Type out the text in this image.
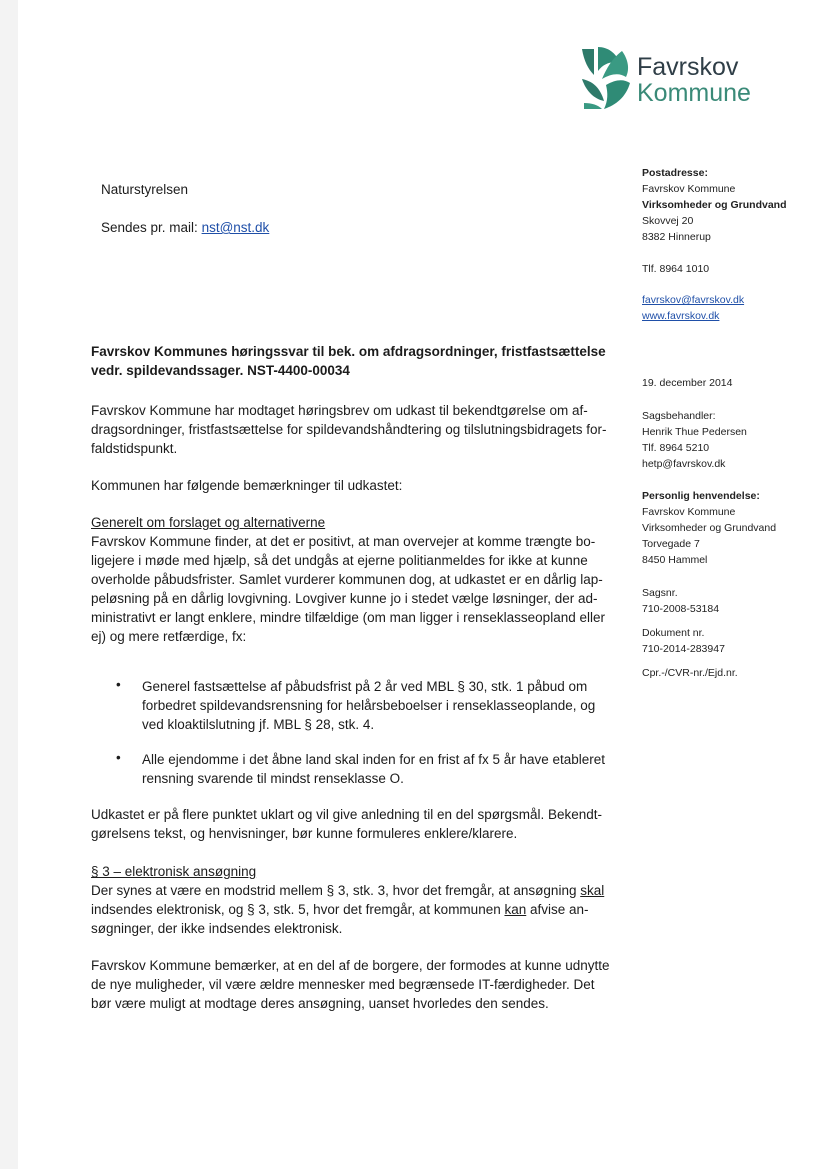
Favrskov
Kommune
Postadresse:
Favrskov Kommune
Virksomheder og Grundvand
Skovvej 20
8382 Hinnerup
Tlf. 8964 1010
favrskov@favrskov.dk
www.favrskov.dk
19. december 2014
Sagsbehandler:
Henrik Thue Pedersen
Tlf. 8964 5210
hetp@favrskov.dk
Personlig henvendelse:
Favrskov Kommune
Virksomheder og Grundvand
Torvegade 7
8450 Hammel
Sagsnr.
710-2008-53184
Dokument nr.
710-2014-283947
Cpr.-/CVR-nr./Ejd.nr.
Naturstyrelsen
Sendes pr. mail: nst@nst.dk
Favrskov Kommunes høringssvar til bek. om afdragsordninger, fristfastsættelse
vedr. spildevandssager. NST-4400-00034
Favrskov Kommune har modtaget høringsbrev om udkast til bekendtgørelse om af-
dragsordninger, fristfastsættelse for spildevandshåndtering og tilslutningsbidragets for-
faldstidspunkt.
Kommunen har følgende bemærkninger til udkastet:
Generelt om forslaget og alternativerne
Favrskov Kommune finder, at det er positivt, at man overvejer at komme trængte bo-
ligejere i møde med hjælp, så det undgås at ejerne politianmeldes for ikke at kunne
overholde påbudsfrister. Samlet vurderer kommunen dog, at udkastet er en dårlig lap-
peløsning på en dårlig lovgivning. Lovgiver kunne jo i stedet vælge løsninger, der ad-
ministrativt er langt enklere, mindre tilfældige (om man ligger i renseklasseopland eller
ej) og mere retfærdige, fx:
• Generel fastsættelse af påbudsfrist på 2 år ved MBL § 30, stk. 1 påbud om
forbedret spildevandsrensning for helårsbeboelser i renseklasseoplande, og
ved kloaktilslutning jf. MBL § 28, stk. 4.
• Alle ejendomme i det åbne land skal inden for en frist af fx 5 år have etableret
rensning svarende til mindst renseklasse O.
Udkastet er på flere punktet uklart og vil give anledning til en del spørgsmål. Bekendt-
gørelsens tekst, og henvisninger, bør kunne formuleres enklere/klarere.
§ 3 – elektronisk ansøgning
Der synes at være en modstrid mellem § 3, stk. 3, hvor det fremgår, at ansøgning skal
indsendes elektronisk, og § 3, stk. 5, hvor det fremgår, at kommunen kan afvise an-
søgninger, der ikke indsendes elektronisk.
Favrskov Kommune bemærker, at en del af de borgere, der formodes at kunne udnytte
de nye muligheder, vil være ældre mennesker med begrænsede IT-færdigheder. Det
bør være muligt at modtage deres ansøgning, uanset hvorledes den sendes.
